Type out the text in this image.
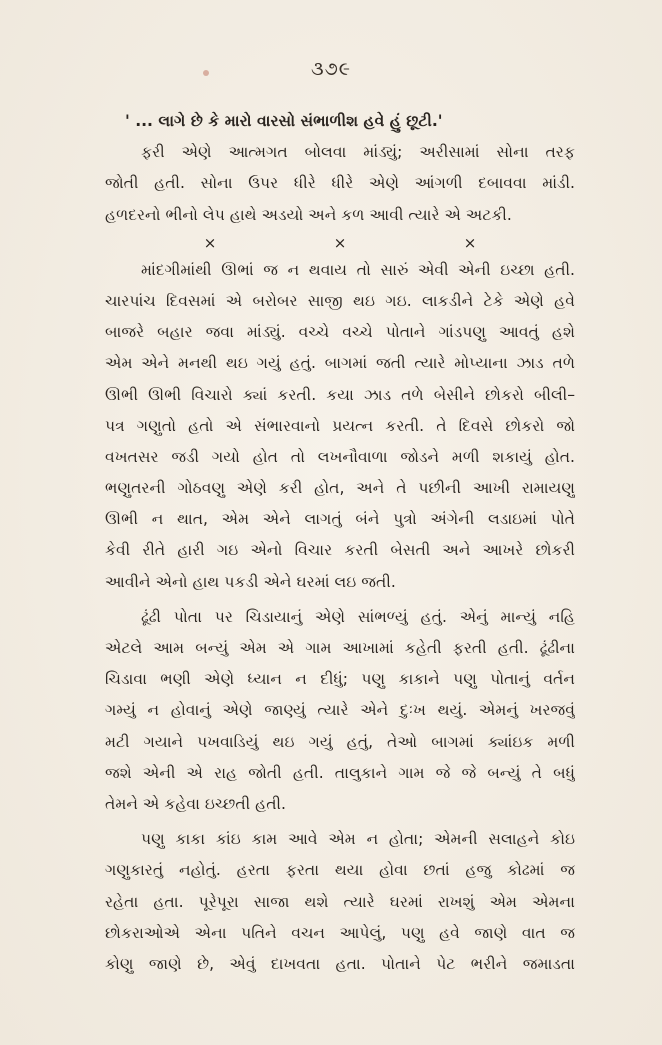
૩૭૯
' ... લાગે છે કે મારો વારસો સંભાળીશ હવે હું છૂટી.'
ફરી એણે આત્મગત બોલવા માંડ્યું; અરીસામાં સોના તરફ
જોતી હતી. સોના ઉપર ધીરે ધીરે એણે આંગળી દબાવવા માંડી.
હળદરનો ભીનો લેપ હાથે અડયો અને કળ આવી ત્યારે એ અટકી.
×	×	×
માંદગીમાંથી ઊભાં જ ન થવાય તો સારું એવી એની ઇચ્છા હતી.
ચારપાંચ દિવસમાં એ બરોબર સાજી થઇ ગઇ. લાકડીને ટેકે એણે હવે
બાજરે બહાર જવા માંડ્યું. વચ્ચે વચ્ચે પોતાને ગાંડપણુ આવતું હશે
એમ એને મનથી થઇ ગયું હતું. બાગમાં જતી ત્યારે મોપ્યાના ઝાડ તળે
ઊભી ઊભી વિચારો ક્યાં કરતી. કયા ઝાડ તળે બેસીને છોકરો બીલી–
પત્ર ગણુતો હતો એ સંભારવાનો પ્રયત્ન કરતી. તે દિવસે છોકરો જો
વખતસર જડી ગયો હોત તો લખનૌવાળા જોડને મળી શકાયું હોત.
ભણુતરની ગોઠવણુ એણે કરી હોત, અને તે પછીની આખી રામાયણુ
ઊભી ન થાત, એમ એને લાગતું બંને પુત્રો અંગેની લડાઇમાં પોતે
કેવી રીતે હારી ગઇ એનો વિચાર કરતી બેસતી અને આખરે છોકરી
આવીને એનો હાથ પકડી એને ઘરમાં લઇ જતી.
ઢૂંઢી પોતા પર ચિડાયાનું એણે સાંભળ્યું હતું. એનું માન્યું નહિ
એટલે આમ બન્યું એમ એ ગામ આખામાં કહેતી ફરતી હતી. ઢૂંઢીના
ચિડાવા ભણી એણે ધ્યાન ન દીધું; પણુ કાકાને પણુ પોતાનું વર્તન
ગમ્યું ન હોવાનું એણે જાણ્યું ત્યારે એને દુઃખ થયું. એમનું ખરજવું
મટી ગયાને પખવાડિયું થઇ ગયું હતું, તેઓ બાગમાં ક્યાંઇક મળી
જશે એની એ રાહ જોતી હતી. તાલુકાને ગામ જે જે બન્યું તે બધું
તેમને એ કહેવા ઇચ્છતી હતી.
પણુ કાકા કાંઇ કામ આવે એમ ન હોતા; એમની સલાહને કોઇ
ગણુકારતું નહોતું. હરતા ફરતા થયા હોવા છતાં હજુ કોઢમાં જ
રહેતા હતા. પૂરેપૂરા સાજા થશે ત્યારે ઘરમાં રાખશું એમ એમના
છોકરાઓએ એના પતિને વચન આપેલું, પણુ હવે જાણે વાત જ
કોણુ જાણે છે, એવું દાખવતા હતા. પોતાને પેટ ભરીને જમાડતા
